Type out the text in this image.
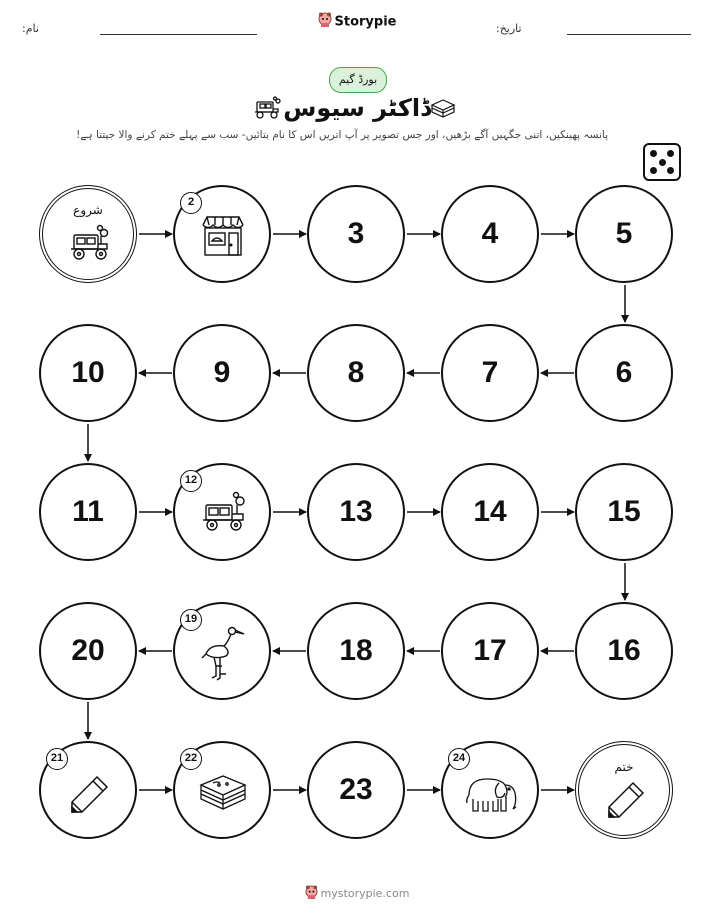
نام:	Storypie	تاریخ:
بورڈ گیم
ڈاکٹر سیوس
پانسہ پھینکیں، اتنی جگہیں آگے بڑھیں، اور جس تصویر پر آپ اتریں اس کا نام بتائیں- سب سے پہلے ختم کرنے والا جیتتا ہے!
شروع
2
3	4	5
10	9	8	7	6
11
12
13	14	15
20
19
18	17	16
21	22
23
24
ختم
mystorypie.com
